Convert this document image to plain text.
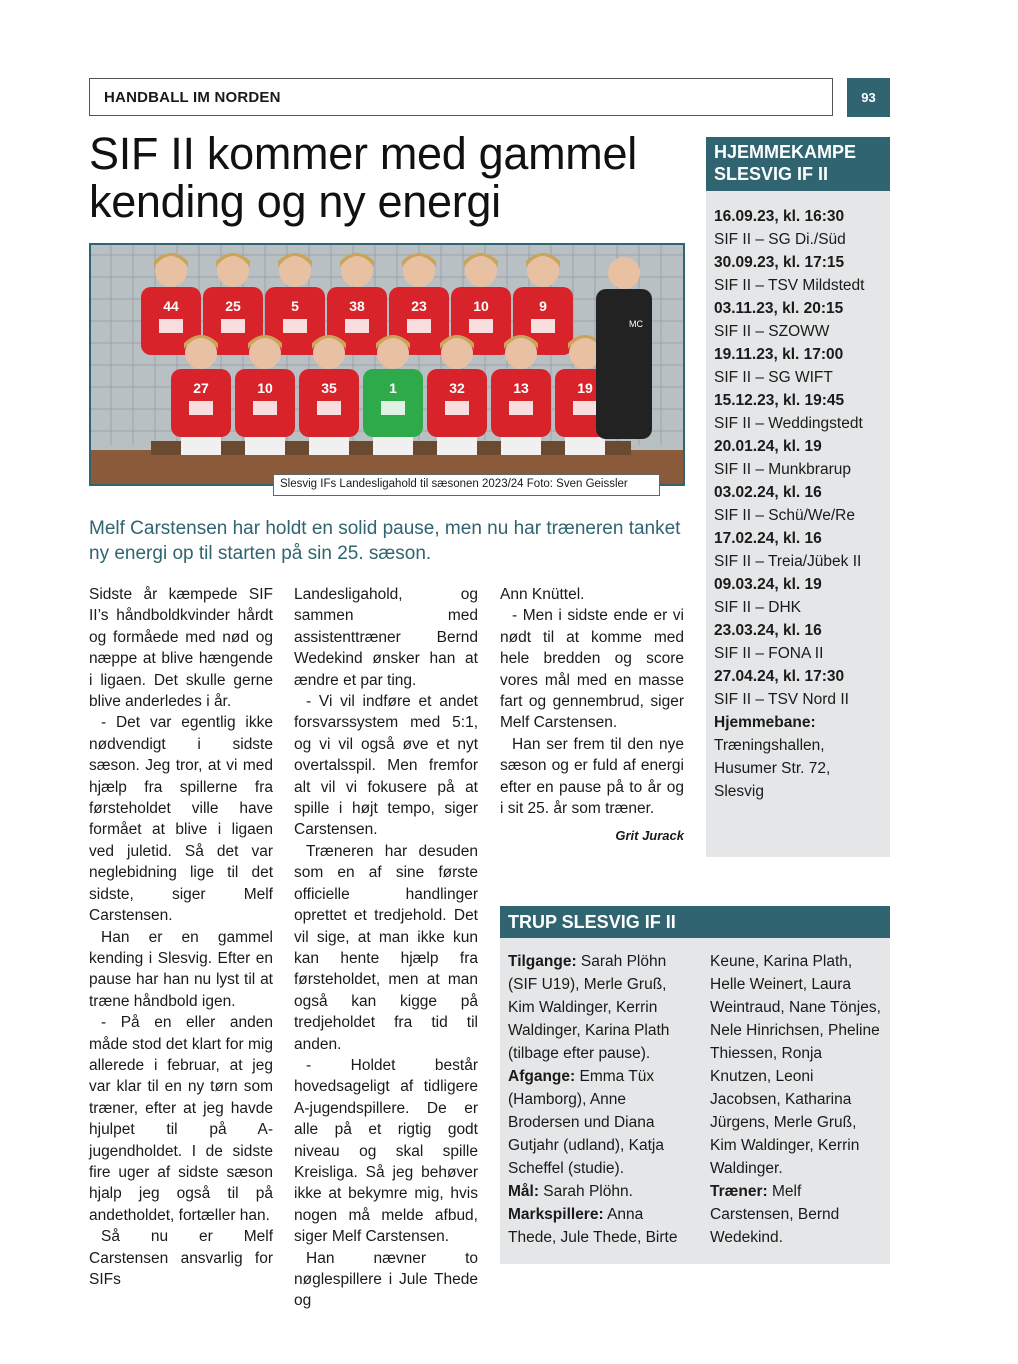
HANDBALL IM NORDEN	93
SIF II kommer med gammel kending og ny energi
44	25	5	38	23	10	9
27	10	35	1	32	13	19
MC
Slesvig IFs Landesligahold til sæsonen 2023/24 Foto: Sven Geissler

Melf Carstensen har holdt en solid pause, men nu har træneren tanket ny energi op til starten på sin 25. sæson.

Sidste år kæmpede SIF II’s håndboldkvinder hårdt og formåede med nød og næppe at blive hængende i ligaen. Det skulle gerne blive anderledes i år.

- Det var egentlig ikke nødvendigt i sidste sæson. Jeg tror, at vi med hjælp fra spillerne fra førsteholdet ville have formået at blive i ligaen ved juletid. Så det var neglebidning lige til det sidste, siger Melf Carstensen.

Han er en gammel kending i Slesvig. Efter en pause har han nu lyst til at træne håndbold igen.

- På en eller anden måde stod det klart for mig allerede i februar, at jeg var klar til en ny tørn som træner, efter at jeg havde hjulpet til på A-jugendholdet. I de sidste fire uger af sidste sæson hjalp jeg også til på andetholdet, fortæller han.

Så nu er Melf Carstensen ansvarlig for SIFs

Landesligahold, og sammen med assistenttræner Bernd Wedekind ønsker han at ændre et par ting.

- Vi vil indføre et andet forsvarssystem med 5:1, og vi vil også øve et nyt overtalsspil. Men fremfor alt vil vi fokusere på at spille i højt tempo, siger Carstensen.

Træneren har desuden som en af sine første officielle handlinger oprettet et tredjehold. Det vil sige, at man ikke kun kan hente hjælp fra førsteholdet, men at man også kan kigge på tredjeholdet fra tid til anden.

- Holdet består hovedsageligt af tidligere A-jugendspillere. De er alle på et rigtig godt niveau og skal spille Kreisliga. Så jeg behøver ikke at bekymre mig, hvis nogen må melde afbud, siger Melf Carstensen.

Han nævner to nøglespillere i Jule Thede og

Ann Knüttel.

- Men i sidste ende er vi nødt til at komme med hele bredden og score vores mål med en masse fart og gennembrud, siger Melf Carstensen.

Han ser frem til den nye sæson og er fuld af energi efter en pause på to år og i sit 25. år som træner.

Grit Jurack

HJEMMEKAMPE
SLESVIG IF II
16.09.23, kl. 16:30
SIF II – SG Di./Süd
30.09.23, kl. 17:15
SIF II – TSV Mildstedt
03.11.23, kl. 20:15
SIF II – SZOWW
19.11.23, kl. 17:00
SIF II – SG WIFT
15.12.23, kl. 19:45
SIF II – Weddingstedt
20.01.24, kl. 19
SIF II – Munkbrarup
03.02.24, kl. 16
SIF II – Schü/We/Re
17.02.24, kl. 16
SIF II – Treia/Jübek II
09.03.24, kl. 19
SIF II – DHK
23.03.24, kl. 16
SIF II – FONA II
27.04.24, kl. 17:30
SIF II – TSV Nord II
Hjemmebane:
Træningshallen,
Husumer Str. 72,
Slesvig
TRUP SLESVIG IF II

Tilgange: Sarah Plöhn (SIF U19), Merle Gruß, Kim Waldinger, Kerrin Waldinger, Karina Plath (tilbage efter pause).

Afgange: Emma Tüx (Hamborg), Anne Brodersen und Diana Gutjahr (udland), Katja Scheffel (studie).

Mål: Sarah Plöhn.

Markspillere: Anna Thede, Jule Thede, Birte Keune, Karina Plath, Helle Weinert, Laura Weintraud, Nane Tönjes, Nele Hinrichsen, Pheline Thiessen, Ronja Knutzen, Leoni Jacobsen, Katharina Jürgens, Merle Gruß, Kim Waldinger, Kerrin Waldinger.

Træner: Melf Carstensen, Bernd Wedekind.
